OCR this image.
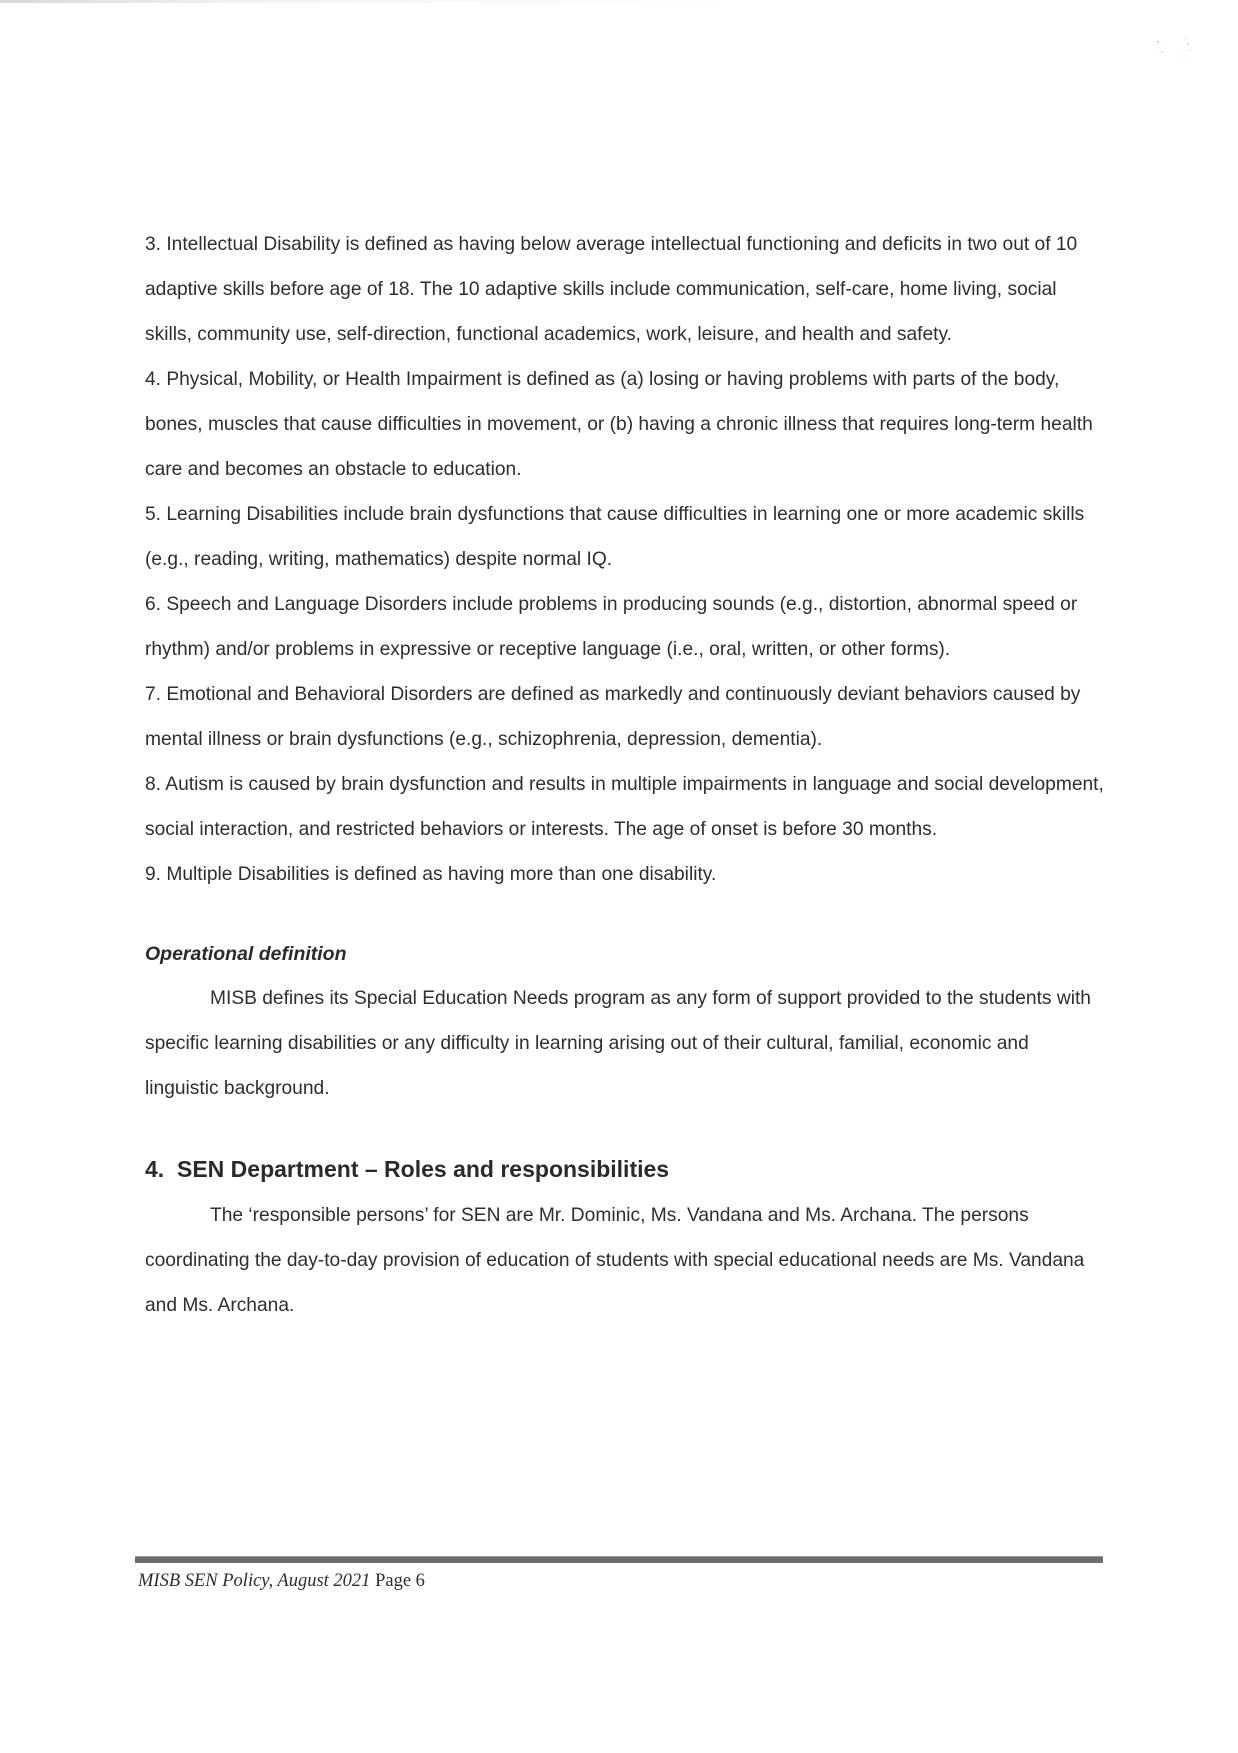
3. Intellectual Disability is defined as having below average intellectual functioning and deficits in two out of 10 adaptive skills before age of 18. The 10 adaptive skills include communication, self-care, home living, social skills, community use, self-direction, functional academics, work, leisure, and health and safety.

4. Physical, Mobility, or Health Impairment is defined as (a) losing or having problems with parts of the body, bones, muscles that cause difficulties in movement, or (b) having a chronic illness that requires long-term health care and becomes an obstacle to education.

5. Learning Disabilities include brain dysfunctions that cause difficulties in learning one or more academic skills (e.g., reading, writing, mathematics) despite normal IQ.

6. Speech and Language Disorders include problems in producing sounds (e.g., distortion, abnormal speed or rhythm) and/or problems in expressive or receptive language (i.e., oral, written, or other forms).

7. Emotional and Behavioral Disorders are defined as markedly and continuously deviant behaviors caused by mental illness or brain dysfunctions (e.g., schizophrenia, depression, dementia).

8. Autism is caused by brain dysfunction and results in multiple impairments in language and social development, social interaction, and restricted behaviors or interests. The age of onset is before 30 months.

9. Multiple Disabilities is defined as having more than one disability.

Operational definition

MISB defines its Special Education Needs program as any form of support provided to the students with specific learning disabilities or any difficulty in learning arising out of their cultural, familial, economic and linguistic background.

4. SEN Department – Roles and responsibilities

The ‘responsible persons’ for SEN are Mr. Dominic, Ms. Vandana and Ms. Archana. The persons coordinating the day-to-day provision of education of students with special educational needs are Ms. Vandana and Ms. Archana.

MISB SEN Policy, August 2021 Page 6
